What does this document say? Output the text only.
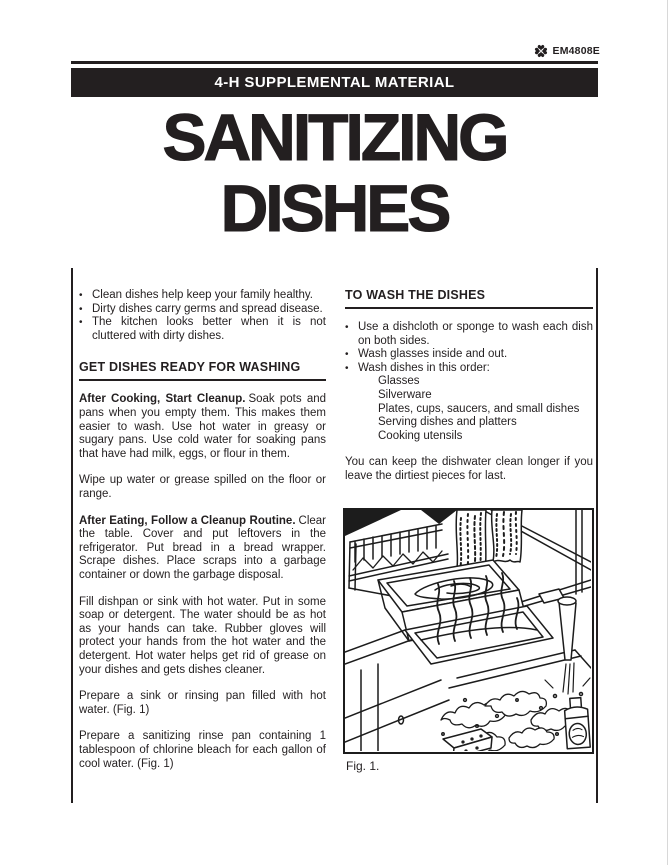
EM4808E
4-H SUPPLEMENTAL MATERIAL
SANITIZING
DISHES
• Clean dishes help keep your family healthy.
• Dirty dishes carry germs and spread disease.
• The kitchen looks better when it is not cluttered with dirty dishes.
GET DISHES READY FOR WASHING

After Cooking, Start Cleanup. Soak pots and pans when you empty them. This makes them easier to wash. Use hot water in greasy or sugary pans. Use cold water for soaking pans that have had milk, eggs, or flour in them.

Wipe up water or grease spilled on the floor or range.

After Eating, Follow a Cleanup Routine. Clear the table. Cover and put leftovers in the refrigerator. Put bread in a bread wrapper. Scrape dishes. Place scraps into a garbage container or down the garbage disposal.

Fill dishpan or sink with hot water. Put in some soap or detergent. The water should be as hot as your hands can take. Rubber gloves will protect your hands from the hot water and the detergent. Hot water helps get rid of grease on your dishes and gets dishes cleaner.

Prepare a sink or rinsing pan filled with hot water. (Fig. 1)

Prepare a sanitizing rinse pan containing 1 tablespoon of chlorine bleach for each gallon of cool water. (Fig. 1)

TO WASH THE DISHES
• Use a dishcloth or sponge to wash each dish on both sides.
• Wash glasses inside and out.
• Wash dishes in this order:
Glasses
Silverware
Plates, cups, saucers, and small dishes
Serving dishes and platters
Cooking utensils

You can keep the dishwater clean longer if you leave the dirtiest pieces for last.

Fig. 1.
